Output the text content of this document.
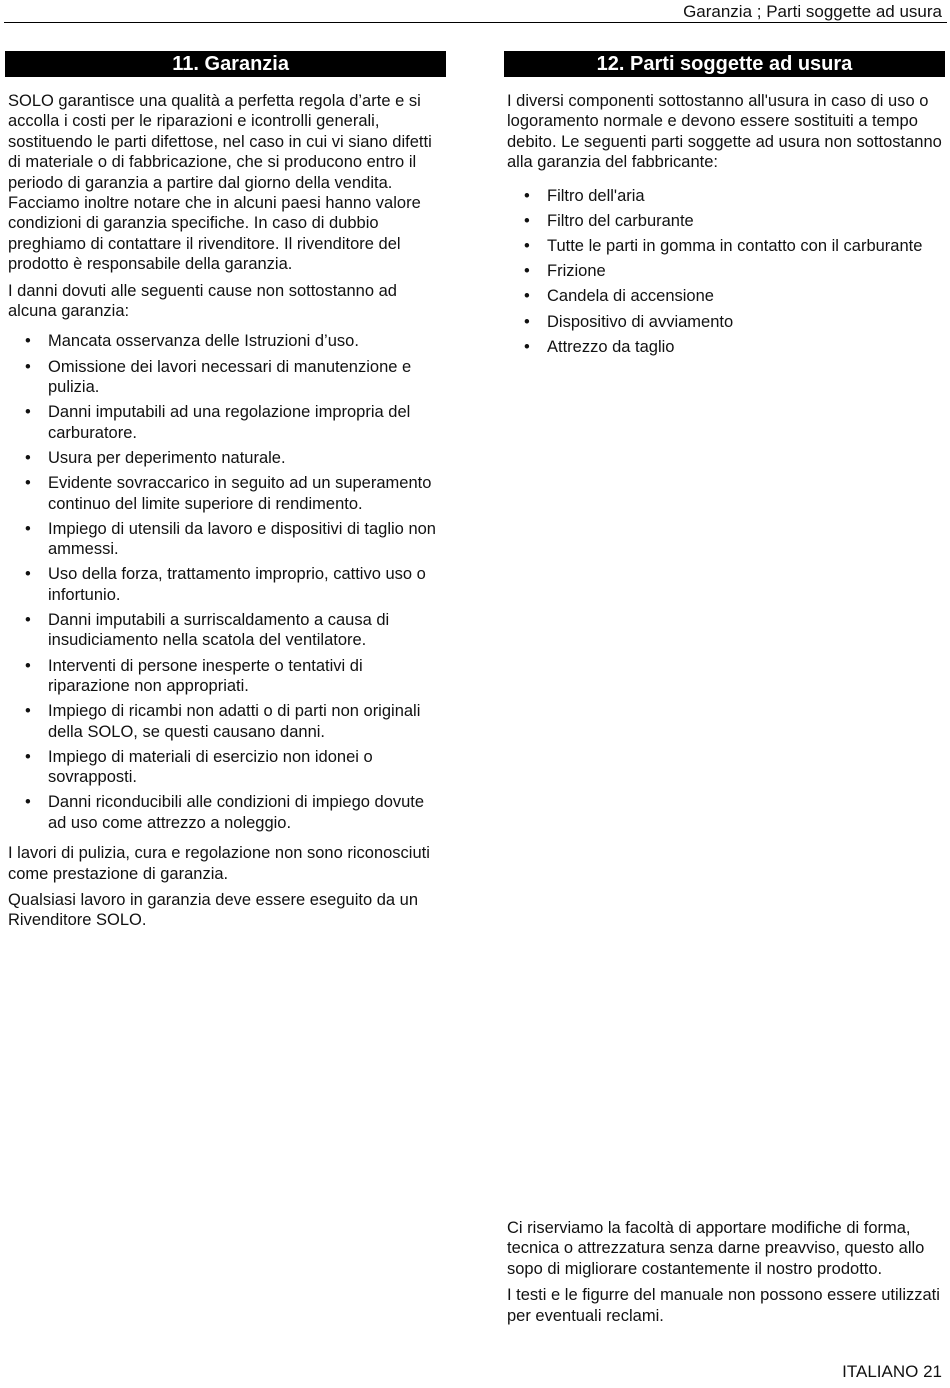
Garanzia ; Parti soggette ad usura
11. Garanzia

SOLO garantisce una qualità a perfetta regola d’arte e si accolla i costi per le riparazioni e icontrolli generali, sostituendo le parti difettose, nel caso in cui vi siano difetti di materiale o di fabbricazione, che si producono entro il periodo di garanzia a partire dal giorno della vendita. Facciamo inoltre notare che in alcuni paesi hanno valore condizioni di garanzia specifiche. In caso di dubbio preghiamo di contattare il rivenditore. Il rivenditore del prodotto è responsabile della garanzia.

I danni dovuti alle seguenti cause non sottostanno ad alcuna garanzia:

• Mancata osservanza delle Istruzioni d’uso.
• Omissione dei lavori necessari di manutenzione e pulizia.
• Danni imputabili ad una regolazione impropria del carburatore.
• Usura per deperimento naturale.
• Evidente sovraccarico in seguito ad un superamento continuo del limite superiore di rendimento.
• Impiego di utensili da lavoro e dispositivi di taglio non ammessi.
• Uso della forza, trattamento improprio, cattivo uso o infortunio.
• Danni imputabili a surriscaldamento a causa di insudiciamento nella scatola del ventilatore.
• Interventi di persone inesperte o tentativi di riparazione non appropriati.
• Impiego di ricambi non adatti o di parti non originali della SOLO, se questi causano danni.
• Impiego di materiali di esercizio non idonei o sovrapposti.
• Danni riconducibili alle condizioni di impiego dovute ad uso come attrezzo a noleggio.

I lavori di pulizia, cura e regolazione non sono riconosciuti come prestazione di garanzia.

Qualsiasi lavoro in garanzia deve essere eseguito da un Rivenditore SOLO.

12. Parti soggette ad usura

I diversi componenti sottostanno all'usura in caso di uso o logoramento normale e devono essere sostituiti a tempo debito. Le seguenti parti soggette ad usura non sottostanno alla garanzia del fabbricante:

• Filtro dell'aria
• Filtro del carburante
• Tutte le parti in gomma in contatto con il carburante
• Frizione
• Candela di accensione
• Dispositivo di avviamento
• Attrezzo da taglio

Ci riserviamo la facoltà di apportare modifiche di forma, tecnica o attrezzatura senza darne preavviso, questo allo sopo di migliorare costantemente il nostro prodotto.

I testi e le figurre del manuale non possono essere utilizzati per eventuali reclami.

ITALIANO 21
